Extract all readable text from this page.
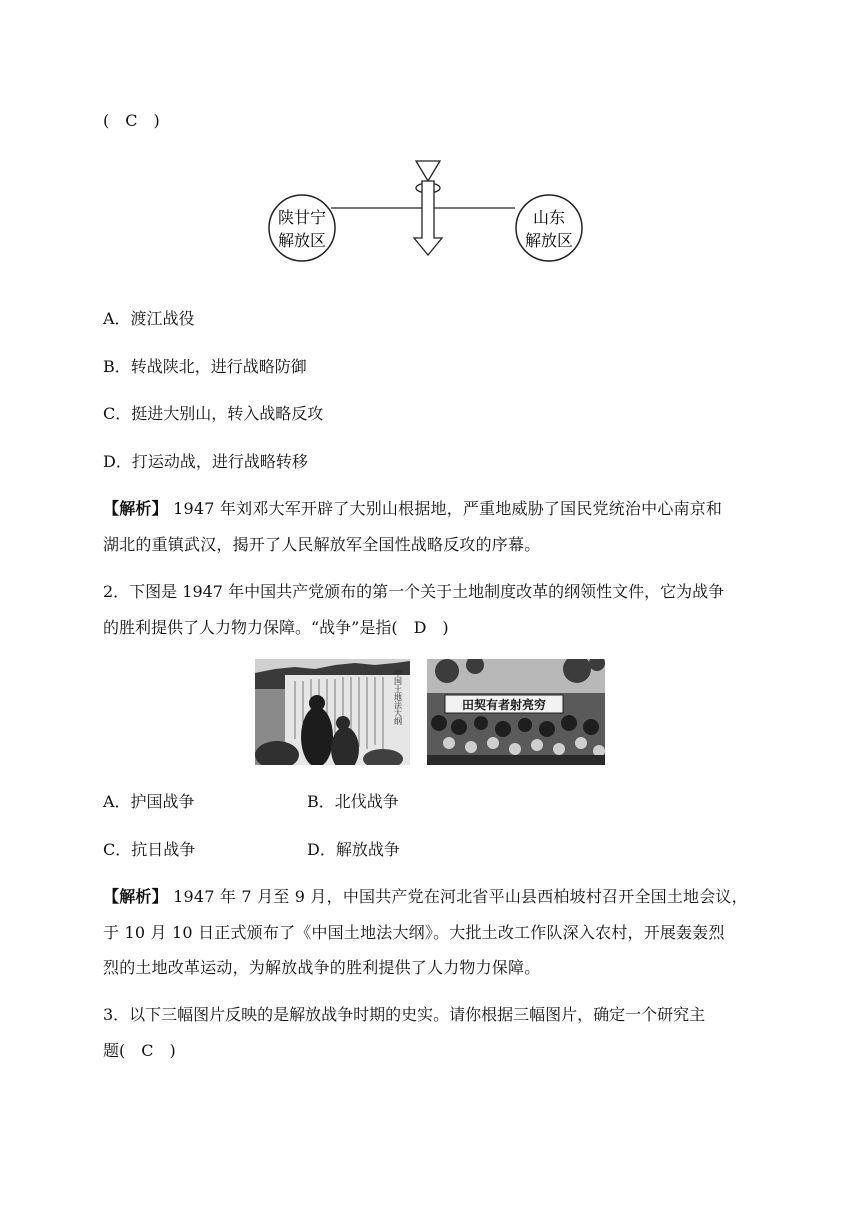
(　C　)
陕甘宁
解放区
山东
解放区
A．渡江战役
B．转战陕北，进行战略防御
C．挺进大别山，转入战略反攻
D．打运动战，进行战略转移
【解析】 1947 年刘邓大军开辟了大别山根据地，严重地威胁了国民党统治中心南京和
湖北的重镇武汉，揭开了人民解放军全国性战略反攻的序幕。
2．下图是 1947 年中国共产党颁布的第一个关于土地制度改革的纲领性文件，它为战争
的胜利提供了人力物力保障。“战争”是指(　D　)
中国土地法大纲	田契有者射亮穷
A．护国战争	B．北伐战争
C．抗日战争	D．解放战争
【解析】 1947 年 7 月至 9 月，中国共产党在河北省平山县西柏坡村召开全国土地会议，
于 10 月 10 日正式颁布了《中国土地法大纲》。大批土改工作队深入农村，开展轰轰烈
烈的土地改革运动，为解放战争的胜利提供了人力物力保障。
3．以下三幅图片反映的是解放战争时期的史实。请你根据三幅图片，确定一个研究主
题(　C　)
